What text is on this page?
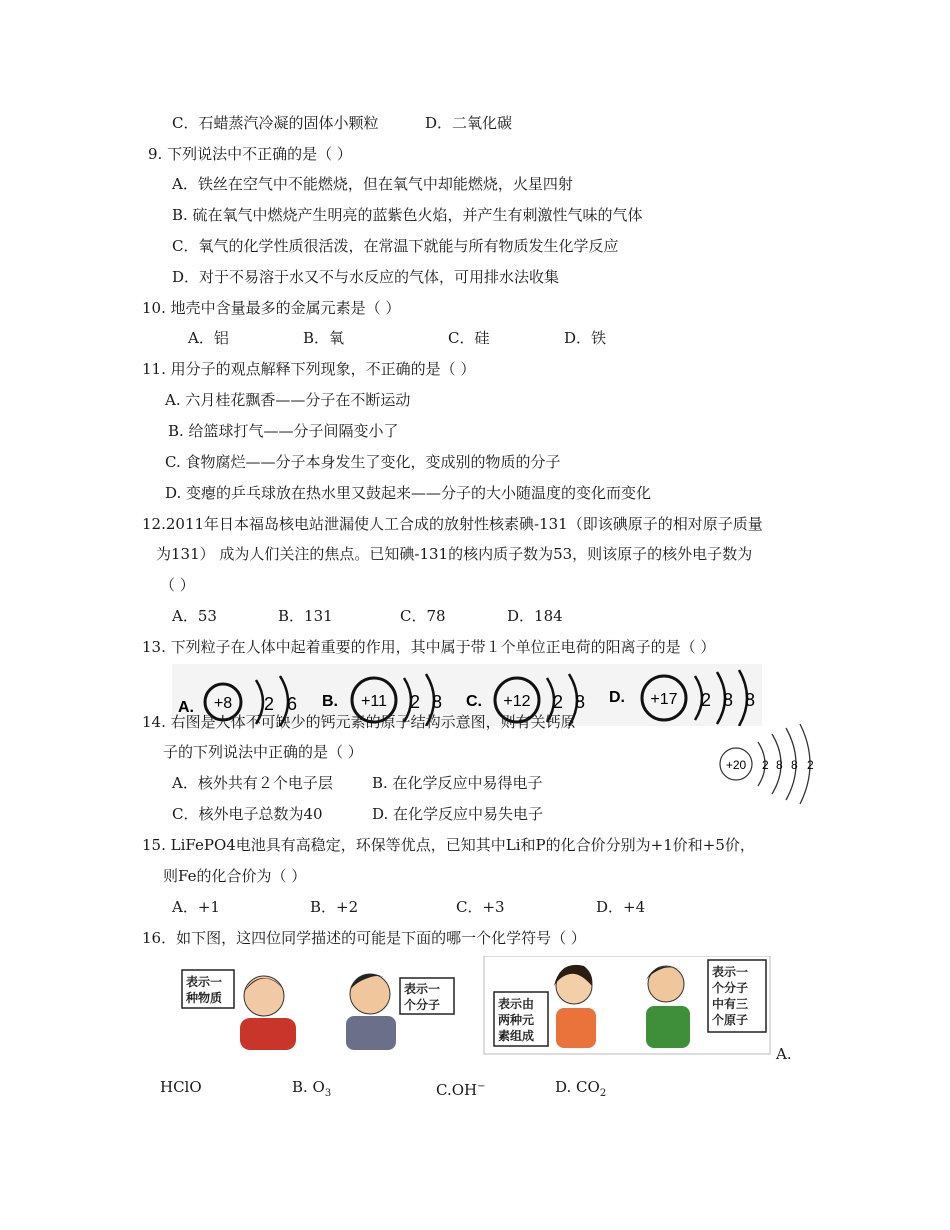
C．石蜡蒸汽冷凝的固体小颗粒	D．二氧化碳
9. 下列说法中不正确的是（ ）
A．铁丝在空气中不能燃烧，但在氧气中却能燃烧，火星四射
B. 硫在氧气中燃烧产生明亮的蓝紫色火焰，并产生有刺激性气味的气体
C．氧气的化学性质很活泼，在常温下就能与所有物质发生化学反应
D．对于不易溶于水又不与水反应的气体，可用排水法收集
10. 地壳中含量最多的金属元素是（ ）
A．铝	B．氧	C．硅	D．铁
11. 用分子的观点解释下列现象，不正确的是（ ）
A. 六月桂花飘香——分子在不断运动
B. 给篮球打气——分子间隔变小了
C. 食物腐烂——分子本身发生了变化，变成别的物质的分子
D. 变瘪的乒乓球放在热水里又鼓起来——分子的大小随温度的变化而变化
12.2011年日本福岛核电站泄漏使人工合成的放射性核素碘-131（即该碘原子的相对原子质量
为131） 成为人们关注的焦点。已知碘-131的核内质子数为53，则该原子的核外电子数为
（ ）
A．53	B．131	C．78	D．184
13. 下列粒子在人体中起着重要的作用，其中属于带１个单位正电荷的阳离子的是（ ）
A. +8 2 6 B. +11 2 8 C. +12 2 8 D. +17 2 8 8
14. 右图是人体不可缺少的钙元素的原子结构示意图，则有关钙原
子的下列说法中正确的是（ ）
A．核外共有２个电子层	B. 在化学反应中易得电子
C．核外电子总数为40	D. 在化学反应中易失电子
+20 2 8 8 2
15. LiFePO4电池具有高稳定，环保等优点，已知其中Li和P的化合价分别为+1价和+5价，
则Fe的化合价为（ ）
A．+1	B．+2	C．+3	D．+4
16．如下图，这四位同学描述的可能是下面的哪一个化学符号（ ）
表示一 种物质
表示一 个分子	表示由 两种元 素组成
表示一 个分子 中有三 个原子
A.
HClO	B. $O_3$	C.OH−	D. $CO_2$
